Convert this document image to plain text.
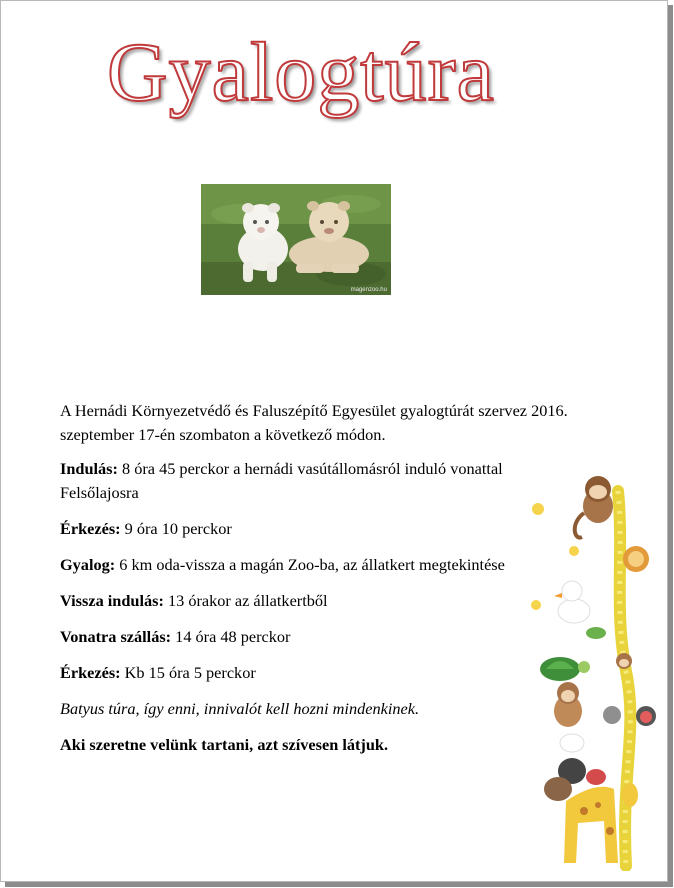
Gyalogtúra
magenzoo.hu

A Hernádi Környezetvédő és Faluszépítő Egyesület gyalogtúrát szervez 2016. szeptember 17-én szombaton a következő módon.

Indulás: 8 óra 45 perckor a hernádi vasútállomásról induló vonattal Felsőlajosra

Érkezés: 9 óra 10 perckor

Gyalog: 6 km oda-vissza a magán Zoo-ba, az állatkert megtekintése

Vissza indulás: 13 órakor az állatkertből

Vonatra szállás: 14 óra 48 perckor

Érkezés: Kb 15 óra 5 perckor

Batyus túra, így enni, innivalót kell hozni mindenkinek.

Aki szeretne velünk tartani, azt szívesen látjuk.
